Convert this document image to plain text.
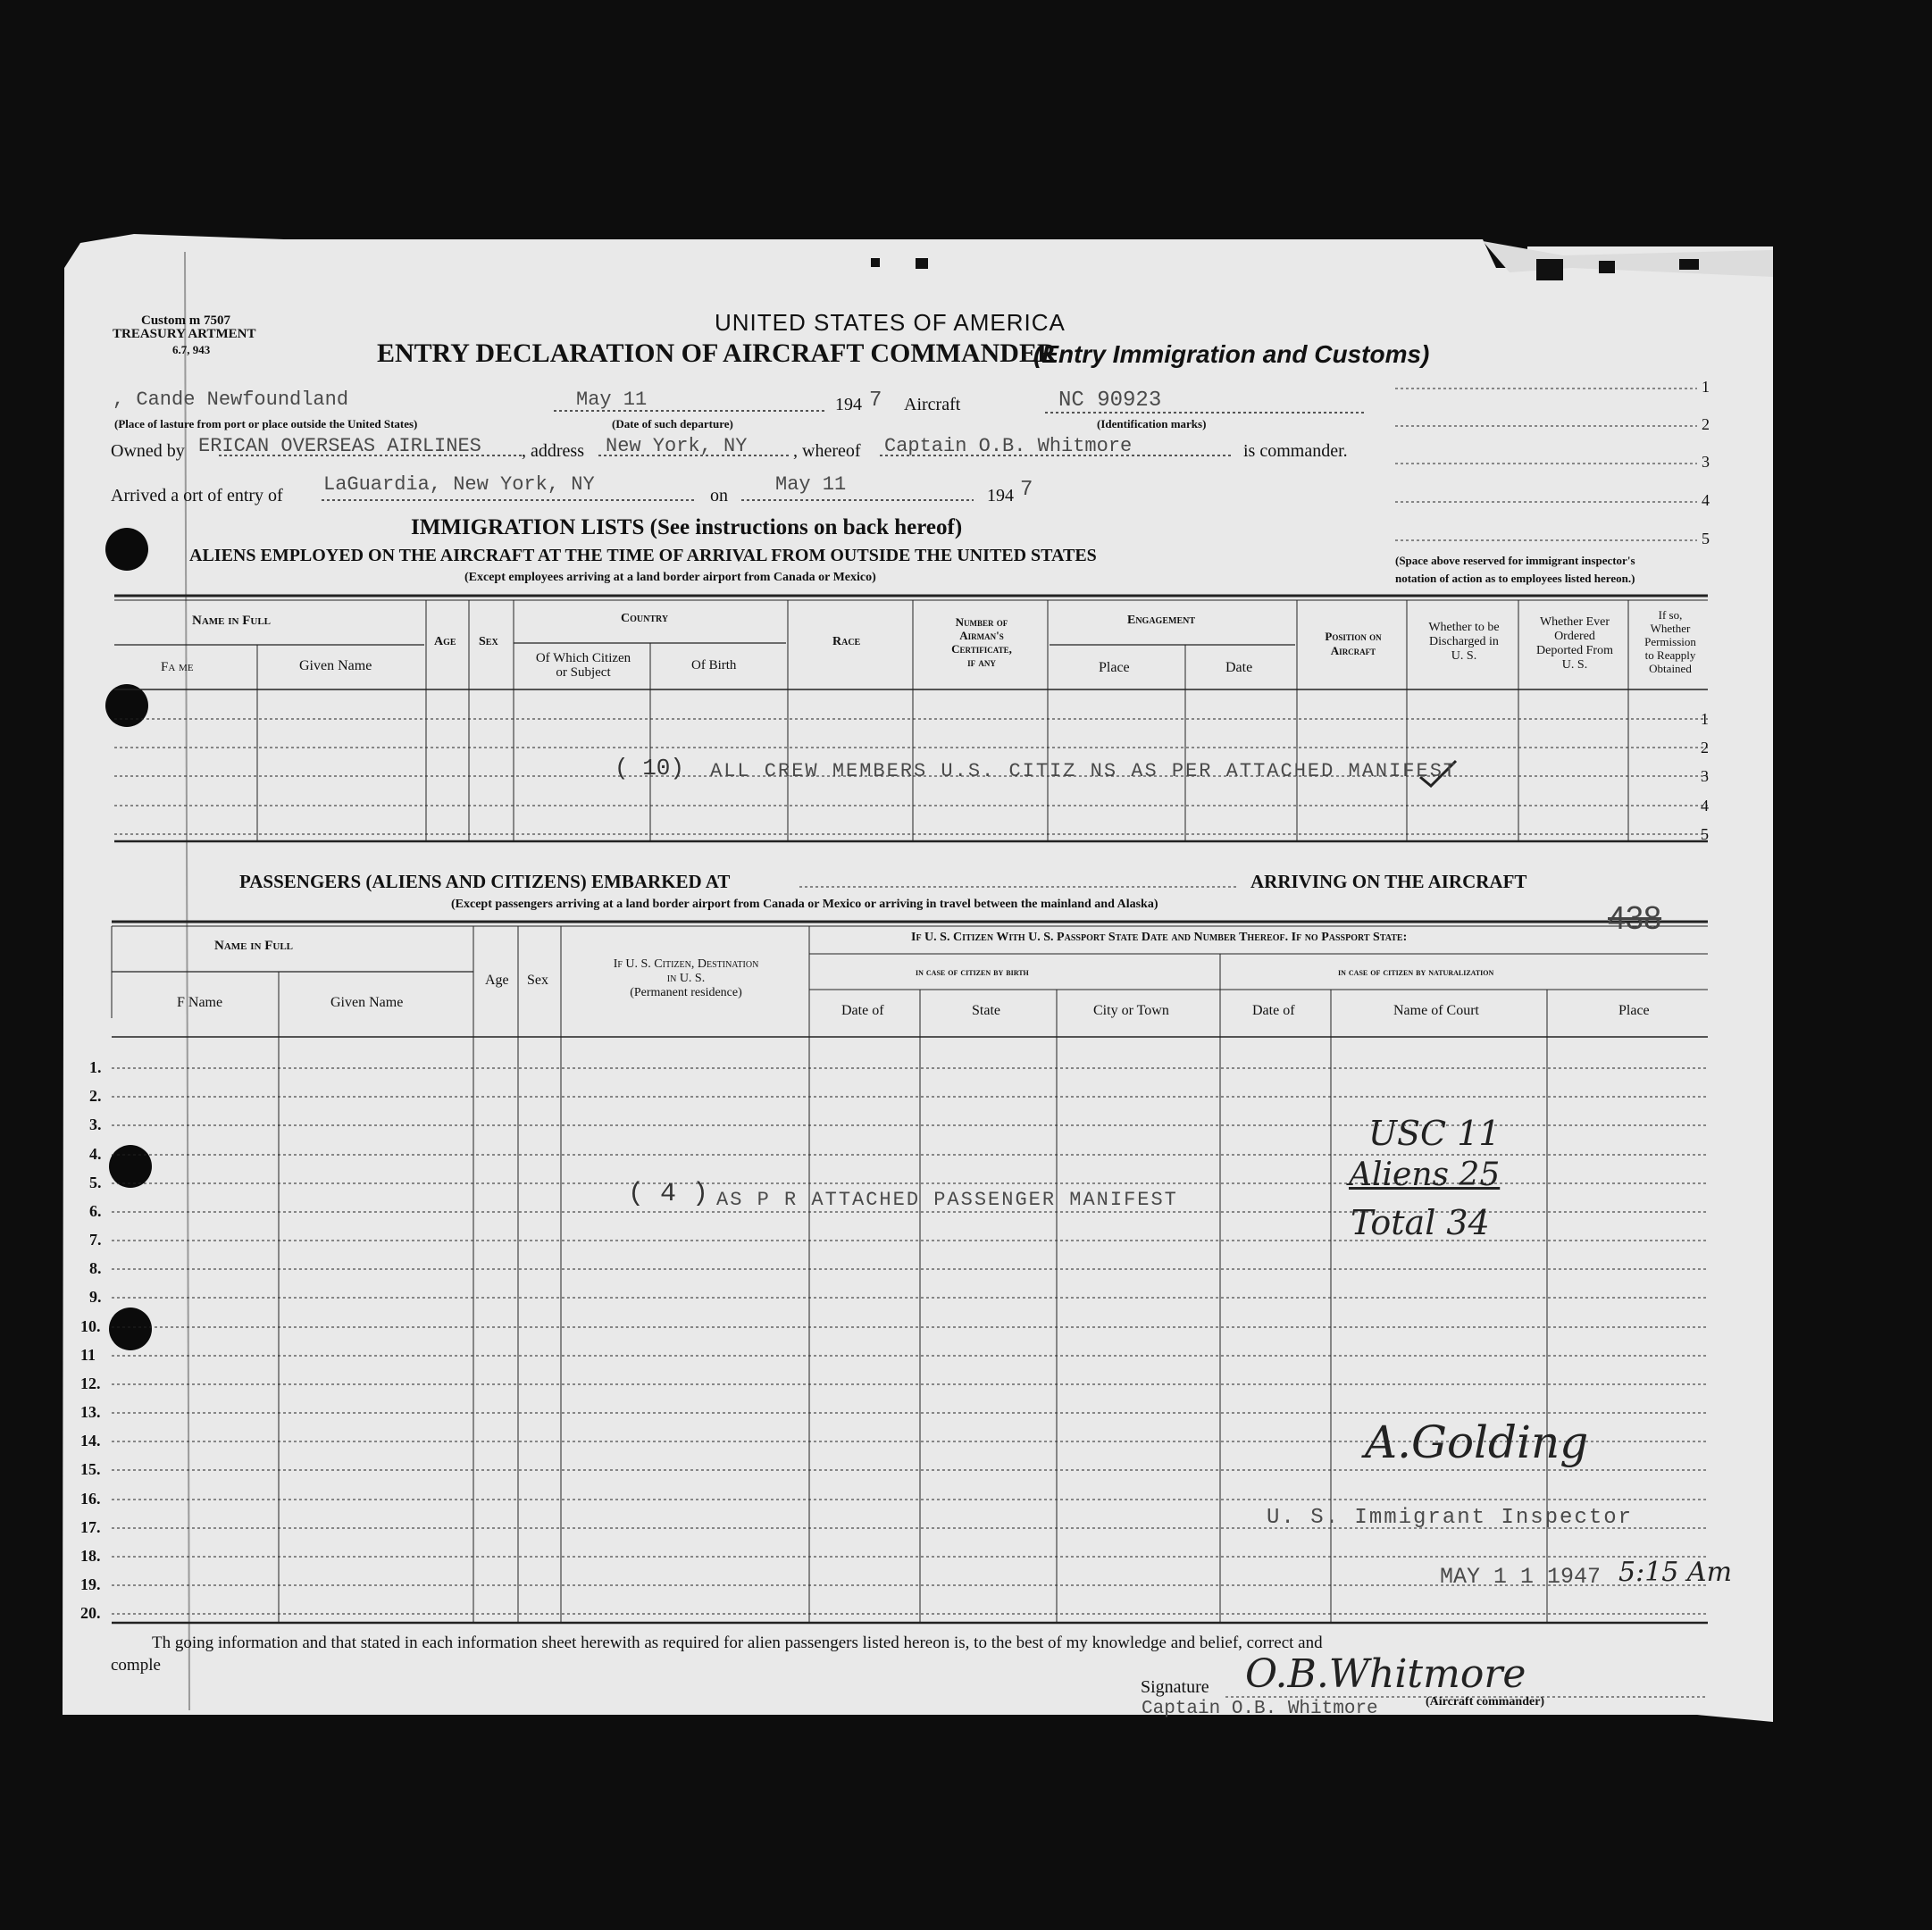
Custom m 7507
TREASURY ARTMENT
6.7, 943
UNITED STATES OF AMERICA
ENTRY DECLARATION OF AIRCRAFT COMMANDER
(Entry Immigration and Customs)
, Cande Newfoundland
(Place of lasture from port or place outside the United States)
May 11
(Date of such departure)
194 7 Aircraft	NC 90923
(Identification marks)
Owned by ERICAN OVERSEAS AIRLINES , address New York, NY	, whereof Captain O.B. Whitmore	is commander.
Arrived a ort of entry of LaGuardia, New York, NY	on May 11	194 7
1
2
3
4
5
(Space above reserved for immigrant inspector's
notation of action as to employees listed hereon.)
IMMIGRATION LISTS (See instructions on back hereof)
ALIENS EMPLOYED ON THE AIRCRAFT AT THE TIME OF ARRIVAL FROM OUTSIDE THE UNITED STATES
(Except employees arriving at a land border airport from Canada or Mexico)
Name in Full
Fa me	Given Name
Age Sex
Country
Of Which Citizen
or Subject	Of Birth
Race
Number of
Airman's
Certificate,
if any
Engagement
Place	Date
Position on
Aircraft
Whether to be
Discharged in
U. S.
Whether Ever
Ordered
Deported From
U. S.
If so,
Whether
Permission
to Reapply
Obtained
1
2
3
4
5
( 10) ALL CREW MEMBERS U.S. CITIZ NS AS PER ATTACHED MANIFEST
PASSENGERS (ALIENS AND CITIZENS) EMBARKED AT	ARRIVING ON THE AIRCRAFT
(Except passengers arriving at a land border airport from Canada or Mexico or arriving in travel between the mainland and Alaska)	438
Name in Full
F Name	Given Name
Age Sex
If U. S. Citizen, Destination
in U. S.
(Permanent residence)
If U. S. Citizen With U. S. Passport State Date and Number Thereof. If no Passport State:
in case of citizen by birth	in case of citizen by naturalization
Date of	State	City or Town	Date of	Name of Court	Place
1.
2.
3.
4.
5.
6.
7.
8.
9.
10.
11
12.
13.
14.
15.
16.
17.
18.
19.
20.
( 4 ) AS P R ATTACHED PASSENGER MANIFEST
USC 11
Aliens 25
Total 34
A.Golding
U. S. Immigrant Inspector
MAY 1 1 1947 5:15 Am
Th going information and that stated in each information sheet herewith as required for alien passengers listed hereon is, to the best of my knowledge and belief, correct and
comple
Signature O.B.Whitmore
(Aircraft commander)
Captain O.B. Whitmore
